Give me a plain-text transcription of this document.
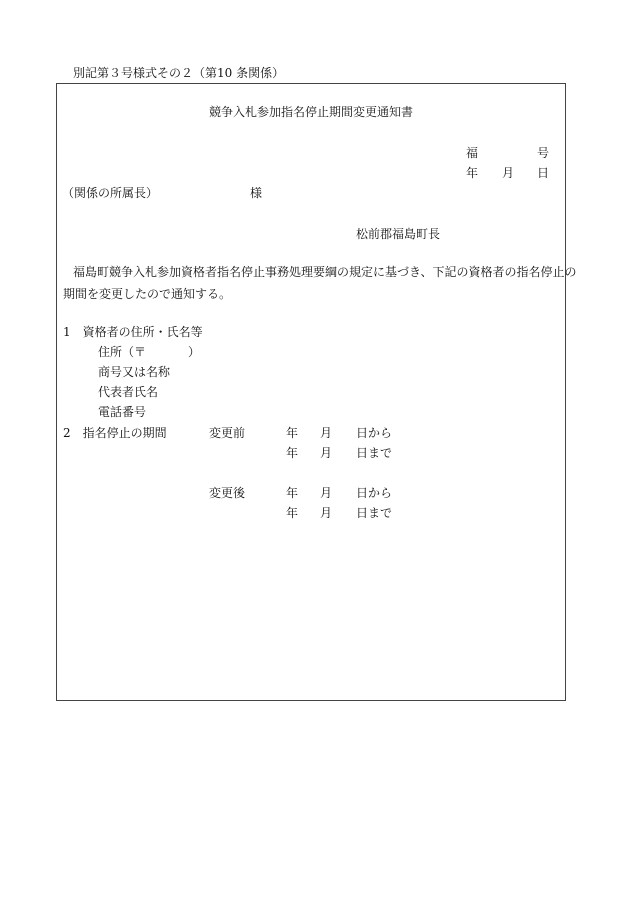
別記第３号様式その２（第10 条関係）
競争入札参加指名停止期間変更通知書
福	号
年 月 日
（関係の所属長）	様
松前郡福島町長
福島町競争入札参加資格者指名停止事務処理要綱の規定に基づき、下記の資格者の指名停止の
期間を変更したので通知する。
1　資格者の住所・氏名等
住所（〒	）
商号又は名称
代表者氏名
電話番号
2　指名停止の期間	変更前	年 月 日から
年 月 日まで
変更後	年 月 日から
年 月 日まで
